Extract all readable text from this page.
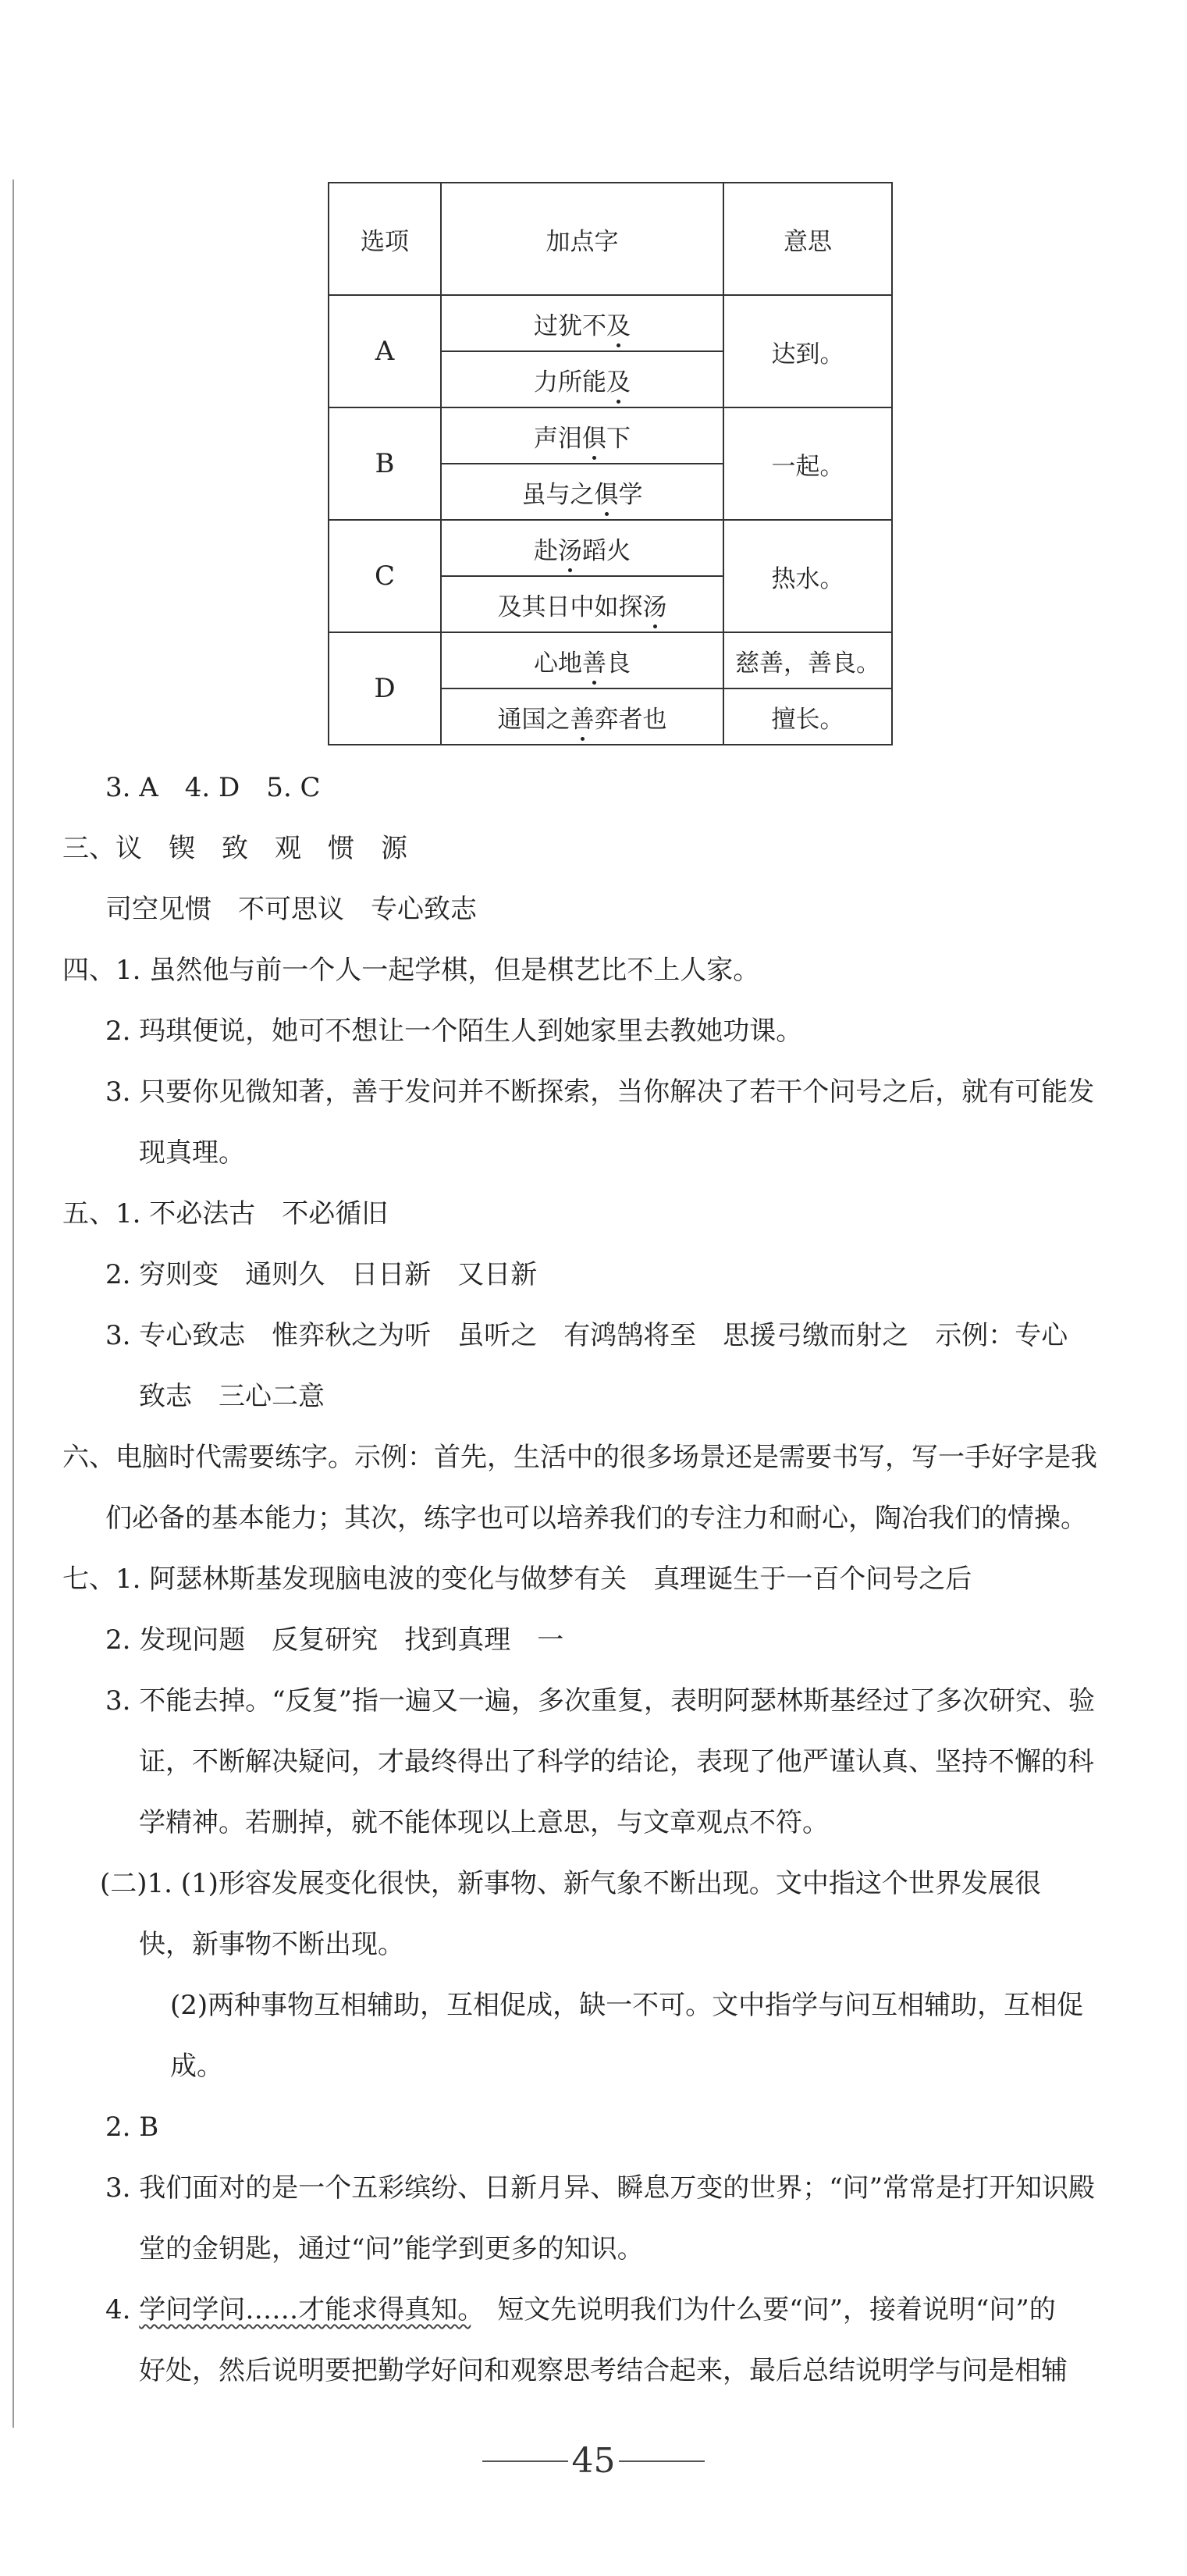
选项	加点字	意思
A	过犹不及	达到。
	力所能及	
B	声泪俱下	一起。
	虽与之俱学	
C	赴汤蹈火	热水。
	及其日中如探汤	
D	心地善良	慈善，善良。
	通国之善弈者也	擅长。
3. A　4. D　5. C
三、议　锲　致　观　惯　源
司空见惯　不可思议　专心致志
四、1. 虽然他与前一个人一起学棋，但是棋艺比不上人家。
2. 玛琪便说，她可不想让一个陌生人到她家里去教她功课。
3. 只要你见微知著，善于发问并不断探索，当你解决了若干个问号之后，就有可能发
现真理。
五、1. 不必法古　不必循旧
2. 穷则变　通则久　日日新　又日新
3. 专心致志　惟弈秋之为听　虽听之　有鸿鹄将至　思援弓缴而射之　示例：专心
致志　三心二意
六、电脑时代需要练字。示例：首先，生活中的很多场景还是需要书写，写一手好字是我
们必备的基本能力；其次，练字也可以培养我们的专注力和耐心，陶冶我们的情操。
七、1. 阿瑟林斯基发现脑电波的变化与做梦有关　真理诞生于一百个问号之后
2. 发现问题　反复研究　找到真理　一
3. 不能去掉。“反复”指一遍又一遍，多次重复，表明阿瑟林斯基经过了多次研究、验
证，不断解决疑问，才最终得出了科学的结论，表现了他严谨认真、坚持不懈的科
学精神。若删掉，就不能体现以上意思，与文章观点不符。
(二)1. (1)形容发展变化很快，新事物、新气象不断出现。文中指这个世界发展很
快，新事物不断出现。
(2)两种事物互相辅助，互相促成，缺一不可。文中指学与问互相辅助，互相促
成。
2. B
3. 我们面对的是一个五彩缤纷、日新月异、瞬息万变的世界；“问”常常是打开知识殿
堂的金钥匙，通过“问”能学到更多的知识。
4. 学问学问……才能求得真知。　 短文先说明我们为什么要“问”，接着说明“问”的
好处，然后说明要把勤学好问和观察思考结合起来，最后总结说明学与问是相辅
45
